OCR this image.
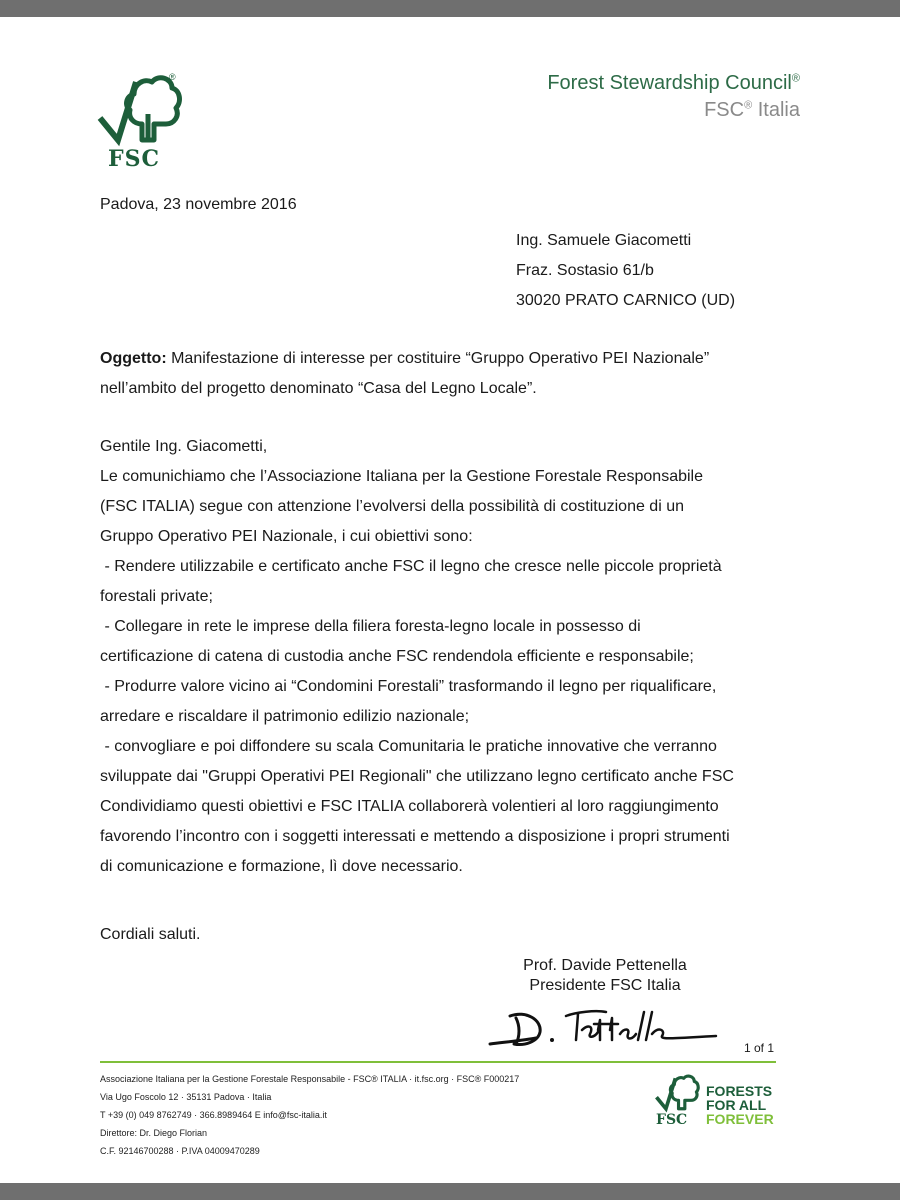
®
FSC
Forest Stewardship Council®
FSC® Italia
Padova, 23 novembre 2016
Ing. Samuele Giacometti
Fraz. Sostasio 61/b
30020 PRATO CARNICO (UD)
Oggetto: Manifestazione di interesse per costituire “Gruppo Operativo PEI Nazionale”
nell’ambito del progetto denominato “Casa del Legno Locale”.

Gentile Ing. Giacometti,

Le comunichiamo che l’Associazione Italiana per la Gestione Forestale Responsabile

(FSC ITALIA) segue con attenzione l’evolversi della possibilità di costituzione di un

Gruppo Operativo PEI Nazionale, i cui obiettivi sono:

- Rendere utilizzabile e certificato anche FSC il legno che cresce nelle piccole proprietà

forestali private;

- Collegare in rete le imprese della filiera foresta-legno locale in possesso di

certificazione di catena di custodia anche FSC rendendola efficiente e responsabile;

- Produrre valore vicino ai “Condomini Forestali” trasformando il legno per riqualificare,

arredare e riscaldare il patrimonio edilizio nazionale;

- convogliare e poi diffondere su scala Comunitaria le pratiche innovative che verranno

sviluppate dai "Gruppi Operativi PEI Regionali" che utilizzano legno certificato anche FSC

Condividiamo questi obiettivi e FSC ITALIA collaborerà volentieri al loro raggiungimento

favorendo l’incontro con i soggetti interessati e mettendo a disposizione i propri strumenti

di comunicazione e formazione, lì dove necessario.

Cordiali saluti.
Prof. Davide Pettenella
Presidente FSC Italia
1 of 1
Associazione Italiana per la Gestione Forestale Responsabile - FSC® ITALIA · it.fsc.org · FSC® F000217
Via Ugo Foscolo 12 · 35131 Padova · Italia
T +39 (0) 049 8762749 · 366.8989464 E info@fsc-italia.it
Direttore: Dr. Diego Florian
C.F. 92146700288 · P.IVA 04009470289
FSC
FORESTS
FOR ALL
FOREVER
